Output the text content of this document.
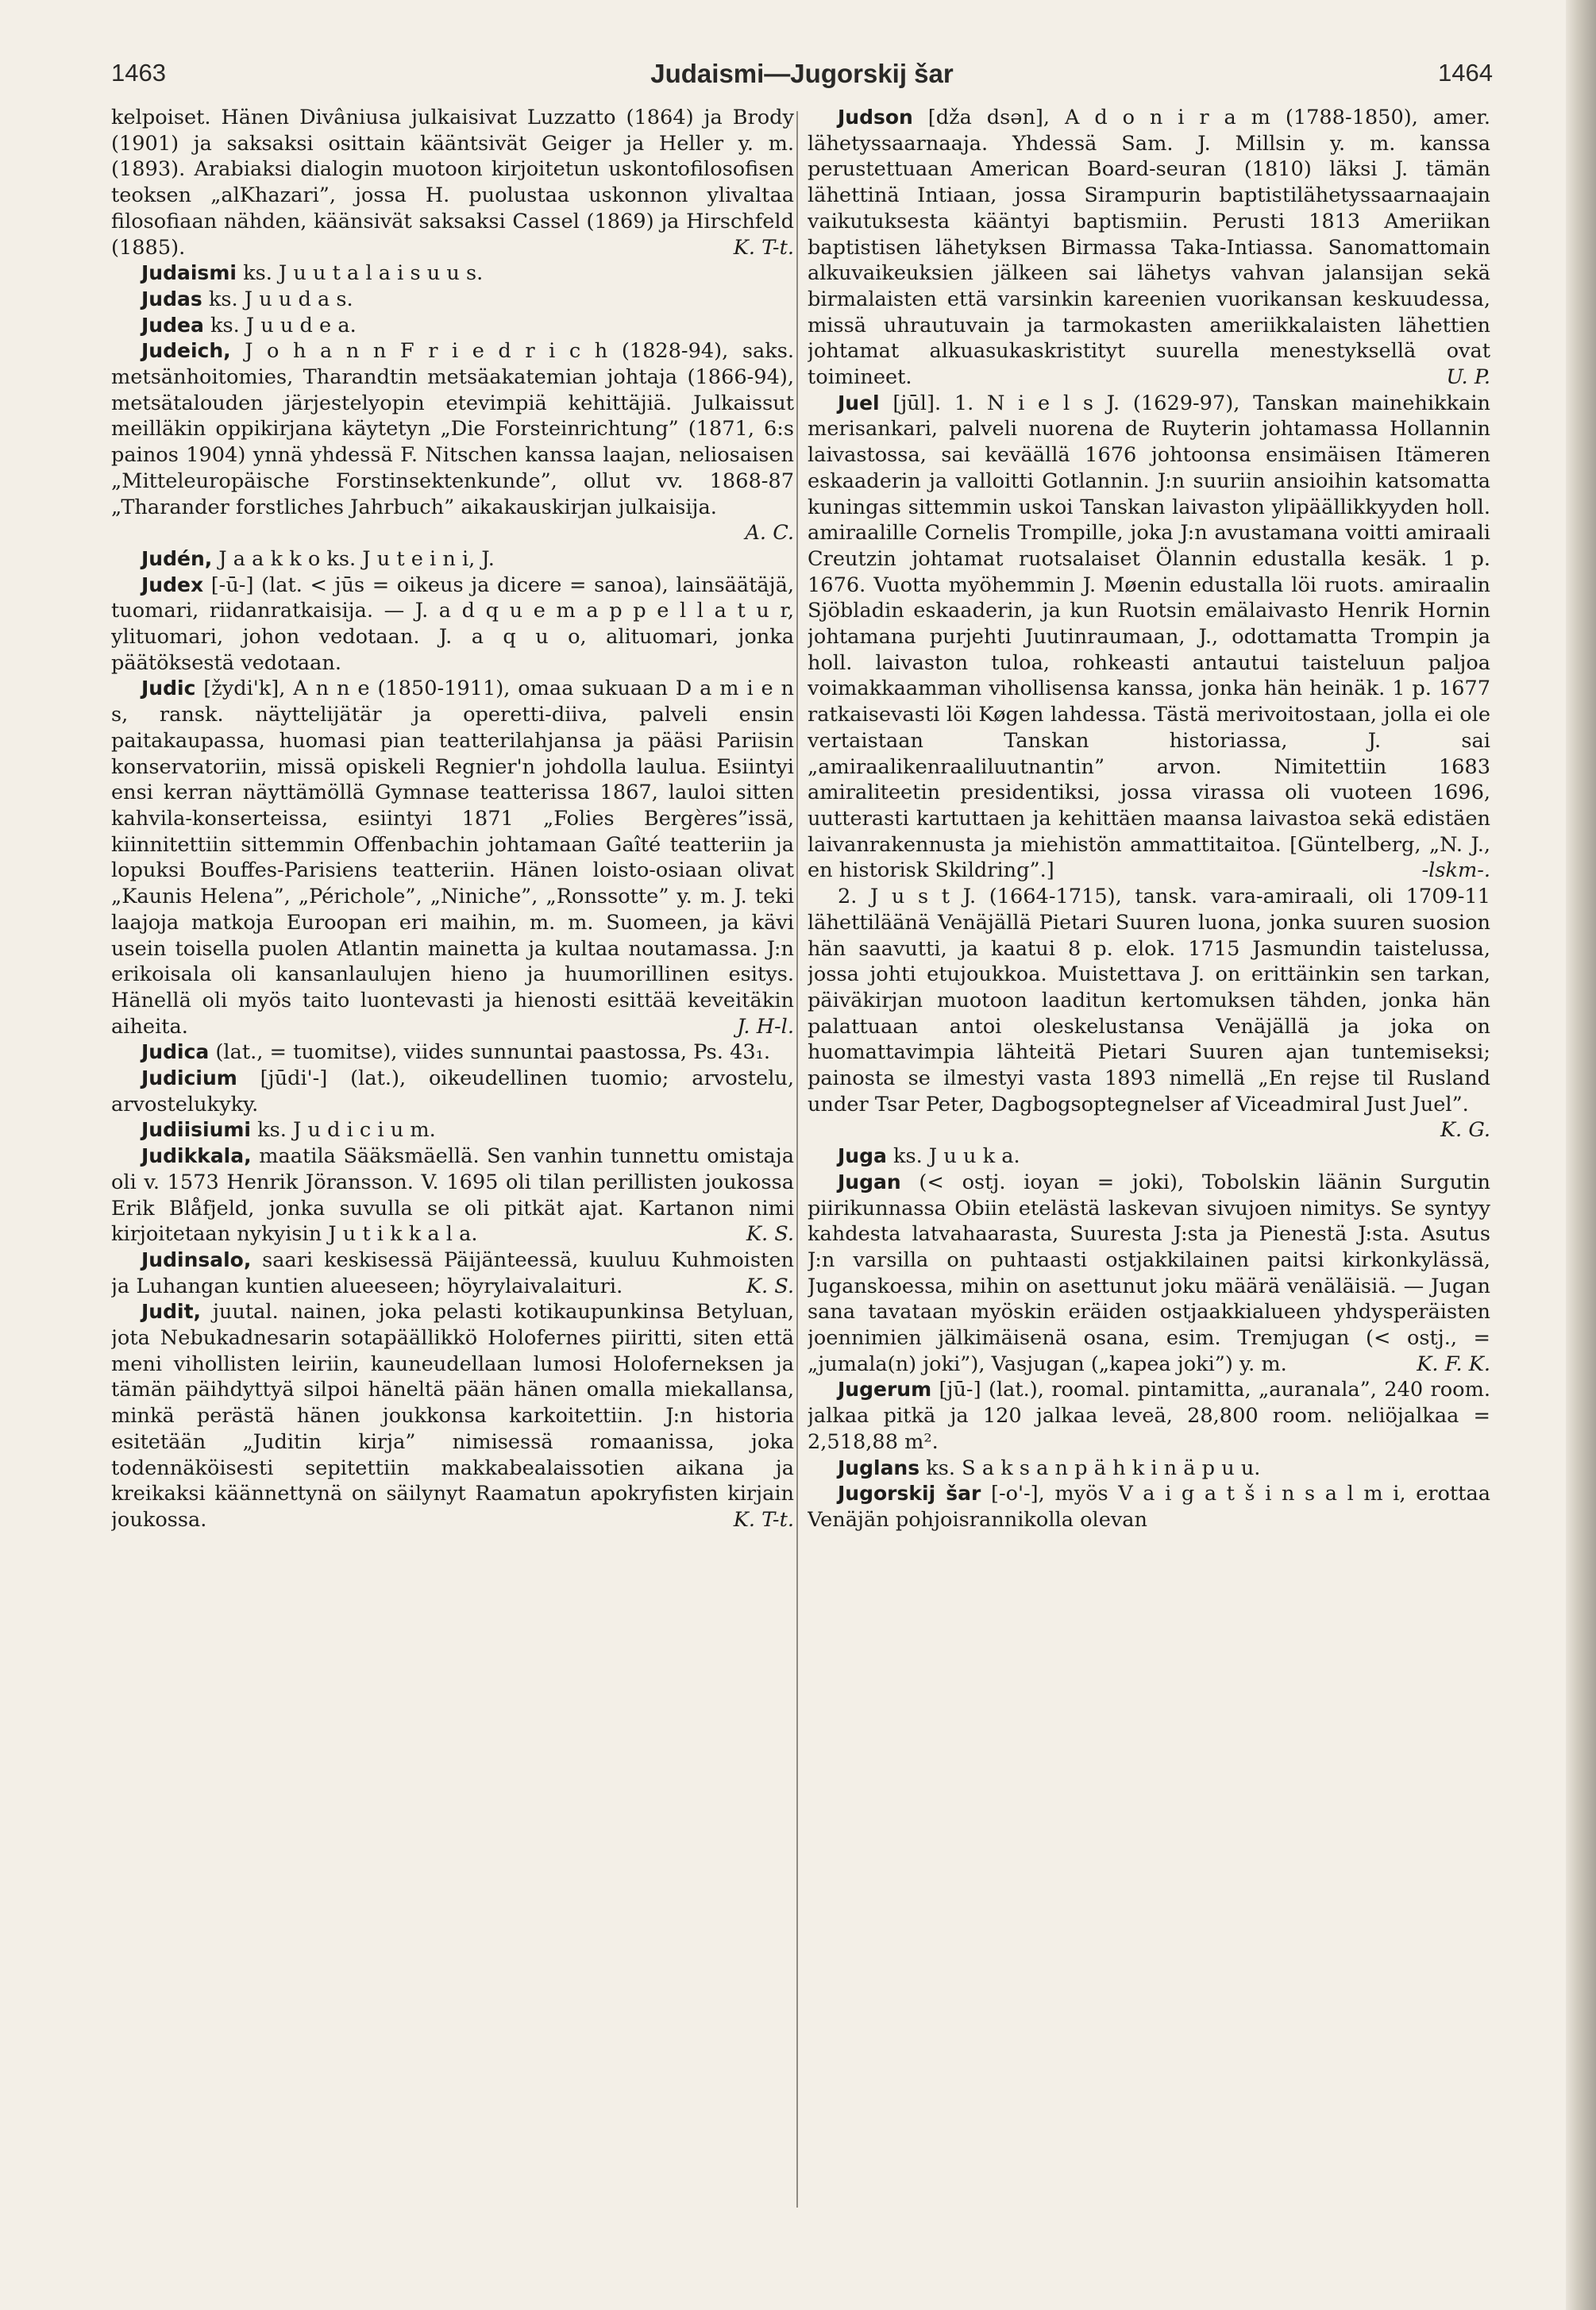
1463	Judaismi—Jugorskij šar	1464

kelpoiset. Hänen Divâniusa julkaisivat Luzzatto (1864) ja Brody (1901) ja saksaksi osittain kääntsivät Geiger ja Heller y. m. (1893). Arabiaksi dialogin muotoon kirjoitetun uskontofilosofisen teoksen „alKhazari”, jossa H. puolustaa uskonnon ylivaltaa filosofiaan nähden, käänsivät saksaksi Cassel (1869) ja Hirschfeld (1885).	K. T-t.

Judaismi ks. J u u t a l a i s u u s.

Judas ks. J u u d a s.

Judea ks. J u u d e a.

Judeich, J o h a n n F r i e d r i c h (1828-94), saks. metsänhoitomies, Tharandtin metsäakatemian johtaja (1866-94), metsätalouden järjestelyopin etevimpiä kehittäjiä. Julkaissut meilläkin oppikirjana käytetyn „Die Forsteinrichtung” (1871, 6:s painos 1904) ynnä yhdessä F. Nitschen kanssa laajan, neliosaisen „Mitteleuropäische Forstinsektenkunde”, ollut vv. 1868-87 „Tharander forstliches Jahrbuch” aikakauskirjan julkaisija.
A. C.

Judén, J a a k k o ks. J u t e i n i, J.

Judex [-ū-] (lat. < jūs = oikeus ja dicere = sanoa), lainsäätäjä, tuomari, riidanratkaisija. — J. a d q u e m a p p e l l a t u r, ylituomari, johon vedotaan. J. a q u o, alituomari, jonka päätöksestä vedotaan.

Judic [žydi'k], A n n e (1850-1911), omaa sukuaan D a m i e n s, ransk. näyttelijätär ja operetti-diiva, palveli ensin paitakaupassa, huomasi pian teatterilahjansa ja pääsi Pariisin konservatoriin, missä opiskeli Regnier'n johdolla laulua. Esiintyi ensi kerran näyttämöllä Gymnase teatterissa 1867, lauloi sitten kahvila-konserteissa, esiintyi 1871 „Folies Bergères”issä, kiinnitettiin sittemmin Offenbachin johtamaan Gaîté teatteriin ja lopuksi Bouffes-Parisiens teatteriin. Hänen loisto-osiaan olivat „Kaunis Helena”, „Périchole”, „Niniche”, „Ronssotte” y. m. J. teki laajoja matkoja Euroopan eri maihin, m. m. Suomeen, ja kävi usein toisella puolen Atlantin mainetta ja kultaa noutamassa. J:n erikoisala oli kansanlaulujen hieno ja huumorillinen esitys. Hänellä oli myös taito luontevasti ja hienosti esittää keveitäkin aiheita.	J. H-l.

Judica (lat., = tuomitse), viides sunnuntai paastossa, Ps. 43₁.

Judicium [jūdi'-] (lat.), oikeudellinen tuomio; arvostelu, arvostelukyky.

Judiisiumi ks. J u d i c i u m.

Judikkala, maatila Sääksmäellä. Sen vanhin tunnettu omistaja oli v. 1573 Henrik Jöransson. V. 1695 oli tilan perillisten joukossa Erik Blåfjeld, jonka suvulla se oli pitkät ajat. Kartanon nimi kirjoitetaan nykyisin J u t i k k a l a.	K. S.

Judinsalo, saari keskisessä Päijänteessä, kuuluu Kuhmoisten ja Luhangan kuntien alueeseen; höyrylaivalaituri.	K. S.

Judit, juutal. nainen, joka pelasti kotikaupunkinsa Betyluan, jota Nebukadnesarin sotapäällikkö Holofernes piiritti, siten että meni vihollisten leiriin, kauneudellaan lumosi Holoferneksen ja tämän päihdyttyä silpoi häneltä pään hänen omalla miekallansa, minkä perästä hänen joukkonsa karkoitettiin. J:n historia esitetään „Juditin kirja” nimisessä romaanissa, joka todennäköisesti sepitettiin makkabealaissotien aikana ja kreikaksi käännettynä on säilynyt Raamatun apokryfisten kirjain joukossa.	K. T-t.

Judson [dža dsən], A d o n i r a m (1788-1850), amer. lähetyssaarnaaja. Yhdessä Sam. J. Millsin y. m. kanssa perustettuaan American Board-seuran (1810) läksi J. tämän lähettinä Intiaan, jossa Sirampurin baptistilähetyssaarnaajain vaikutuksesta kääntyi baptismiin. Perusti 1813 Ameriikan baptistisen lähetyksen Birmassa Taka-Intiassa. Sanomattomain alkuvaikeuksien jälkeen sai lähetys vahvan jalansijan sekä birmalaisten että varsinkin kareenien vuorikansan keskuudessa, missä uhrautuvain ja tarmokasten ameriikkalaisten lähettien johtamat alkuasukaskristityt suurella menestyksellä ovat toimineet.	U. P.

Juel [jūl]. 1. N i e l s J. (1629-97), Tanskan mainehikkain merisankari, palveli nuorena de Ruyterin johtamassa Hollannin laivastossa, sai keväällä 1676 johtoonsa ensimäisen Itämeren eskaaderin ja valloitti Gotlannin. J:n suuriin ansioihin katsomatta kuningas sittemmin uskoi Tanskan laivaston ylipäällikkyyden holl. amiraalille Cornelis Trompille, joka J:n avustamana voitti amiraali Creutzin johtamat ruotsalaiset Ölannin edustalla kesäk. 1 p. 1676. Vuotta myöhemmin J. Møenin edustalla löi ruots. amiraalin Sjöbladin eskaaderin, ja kun Ruotsin emälaivasto Henrik Hornin johtamana purjehti Juutinraumaan, J., odottamatta Trompin ja holl. laivaston tuloa, rohkeasti antautui taisteluun paljoa voimakkaamman vihollisensa kanssa, jonka hän heinäk. 1 p. 1677 ratkaisevasti löi Køgen lahdessa. Tästä merivoitostaan, jolla ei ole vertaistaan Tanskan historiassa, J. sai „amiraalikenraaliluutnantin” arvon. Nimitettiin 1683 amiraliteetin presidentiksi, jossa virassa oli vuoteen 1696, uutterasti kartuttaen ja kehittäen maansa laivastoa sekä edistäen laivanrakennusta ja miehistön ammattitaitoa. [Güntelberg, „N. J., en historisk Skildring”.]	-lskm-.

2. J u s t J. (1664-1715), tansk. vara-amiraali, oli 1709-11 lähettiläänä Venäjällä Pietari Suuren luona, jonka suuren suosion hän saavutti, ja kaatui 8 p. elok. 1715 Jasmundin taistelussa, jossa johti etujoukkoa. Muistettava J. on erittäinkin sen tarkan, päiväkirjan muotoon laaditun kertomuksen tähden, jonka hän palattuaan antoi oleskelustansa Venäjällä ja joka on huomattavimpia lähteitä Pietari Suuren ajan tuntemiseksi; painosta se ilmestyi vasta 1893 nimellä „En rejse til Rusland under Tsar Peter, Dagbogsoptegnelser af Viceadmiral Just Juel”.
K. G.

Juga ks. J u u k a.

Jugan (< ostj. ioyan = joki), Tobolskin läänin Surgutin piirikunnassa Obiin etelästä laskevan sivujoen nimitys. Se syntyy kahdesta latvahaarasta, Suuresta J:sta ja Pienestä J:sta. Asutus J:n varsilla on puhtaasti ostjakkilainen paitsi kirkonkylässä, Juganskoessa, mihin on asettunut joku määrä venäläisiä. — Jugan sana tavataan myöskin eräiden ostjaakkialueen yhdysperäisten joennimien jälkimäisenä osana, esim. Tremjugan (< ostj., = „jumala(n) joki”), Vasjugan („kapea joki”) y. m.	K. F. K.

Jugerum [jū-] (lat.), roomal. pintamitta, „auranala”, 240 room. jalkaa pitkä ja 120 jalkaa leveä, 28,800 room. neliöjalkaa = 2,518,88 m².

Juglans ks. S a k s a n p ä h k i n ä p u u.

Jugorskij šar [-o'-], myös V a i g a t š i n s a l m i, erottaa Venäjän pohjoisrannikolla olevan
